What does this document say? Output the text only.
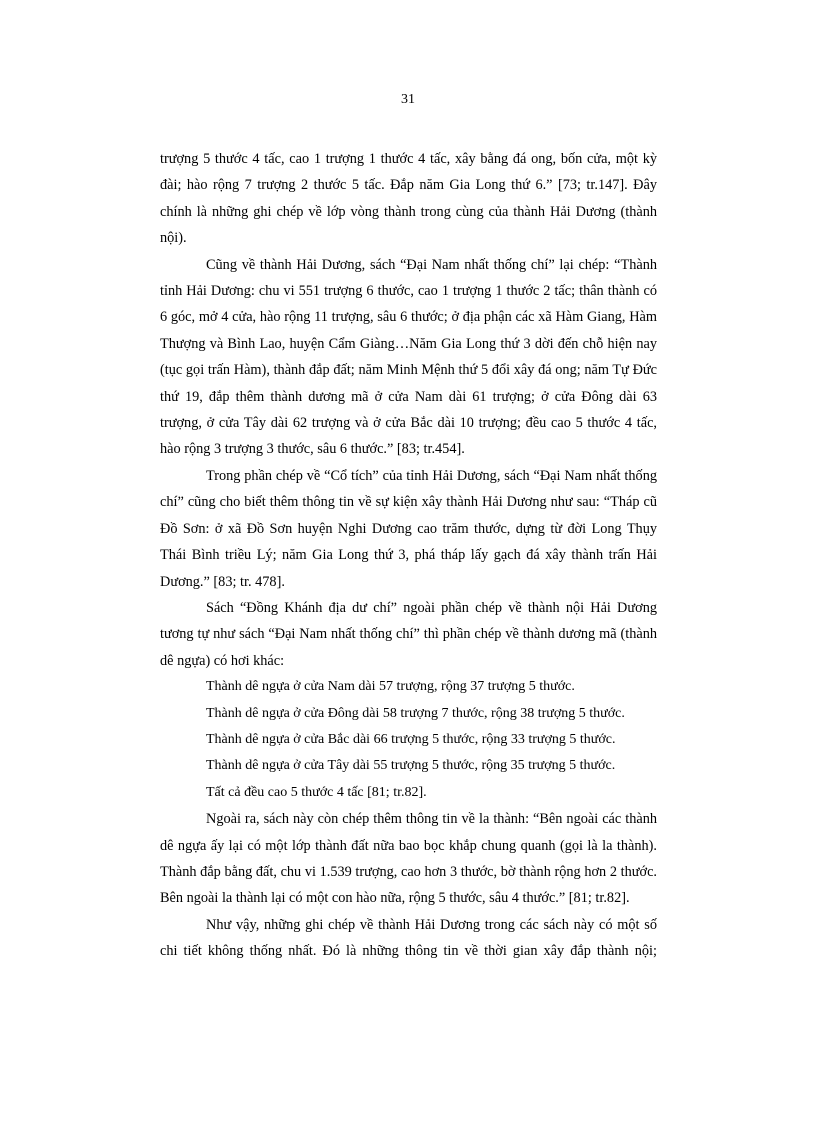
31

trượng 5 thước 4 tấc, cao 1 trượng 1 thước 4 tấc, xây bằng đá ong, bốn cửa, một kỳ đài; hào rộng 7 trượng 2 thước 5 tấc. Đắp năm Gia Long thứ 6.” [73; tr.147]. Đây chính là những ghi chép về lớp vòng thành trong cùng của thành Hải Dương (thành nội).

Cũng về thành Hải Dương, sách “Đại Nam nhất thống chí” lại chép: “Thành tỉnh Hải Dương: chu vi 551 trượng 6 thước, cao 1 trượng 1 thước 2 tấc; thân thành có 6 góc, mở 4 cửa, hào rộng 11 trượng, sâu 6 thước; ở địa phận các xã Hàm Giang, Hàm Thượng và Bình Lao, huyện Cẩm Giàng…Năm Gia Long thứ 3 dời đến chỗ hiện nay (tục gọi trấn Hàm), thành đắp đất; năm Minh Mệnh thứ 5 đổi xây đá ong; năm Tự Đức thứ 19, đắp thêm thành dương mã ở cửa Nam dài 61 trượng; ở cửa Đông dài 63 trượng, ở cửa Tây dài 62 trượng và ở cửa Bắc dài 10 trượng; đều cao 5 thước 4 tấc, hào rộng 3 trượng 3 thước, sâu 6 thước.” [83; tr.454].

Trong phần chép về “Cổ tích” của tỉnh Hải Dương, sách “Đại Nam nhất thống chí” cũng cho biết thêm thông tin về sự kiện xây thành Hải Dương như sau: “Tháp cũ Đồ Sơn: ở xã Đồ Sơn huyện Nghi Dương cao trăm thước, dựng từ đời Long Thụy Thái Bình triều Lý; năm Gia Long thứ 3, phá tháp lấy gạch đá xây thành trấn Hải Dương.” [83; tr. 478].

Sách “Đồng Khánh địa dư chí” ngoài phần chép về thành nội Hải Dương tương tự như sách “Đại Nam nhất thống chí” thì phần chép về thành dương mã (thành dê ngựa) có hơi khác:

Thành dê ngựa ở cửa Nam dài 57 trượng, rộng 37 trượng 5 thước.
Thành dê ngựa ở cửa Đông dài 58 trượng 7 thước, rộng 38 trượng 5 thước.
Thành dê ngựa ở cửa Bắc dài 66 trượng 5 thước, rộng 33 trượng 5 thước.
Thành dê ngựa ở cửa Tây dài 55 trượng 5 thước, rộng 35 trượng 5 thước.
Tất cả đều cao 5 thước 4 tấc [81; tr.82].

Ngoài ra, sách này còn chép thêm thông tin về la thành: “Bên ngoài các thành dê ngựa ấy lại có một lớp thành đất nữa bao bọc khắp chung quanh (gọi là la thành). Thành đắp bằng đất, chu vi 1.539 trượng, cao hơn 3 thước, bờ thành rộng hơn 2 thước. Bên ngoài la thành lại có một con hào nữa, rộng 5 thước, sâu 4 thước.” [81; tr.82].

Như vậy, những ghi chép về thành Hải Dương trong các sách này có một số chi tiết không thống nhất. Đó là những thông tin về thời gian xây đắp thành nội;
